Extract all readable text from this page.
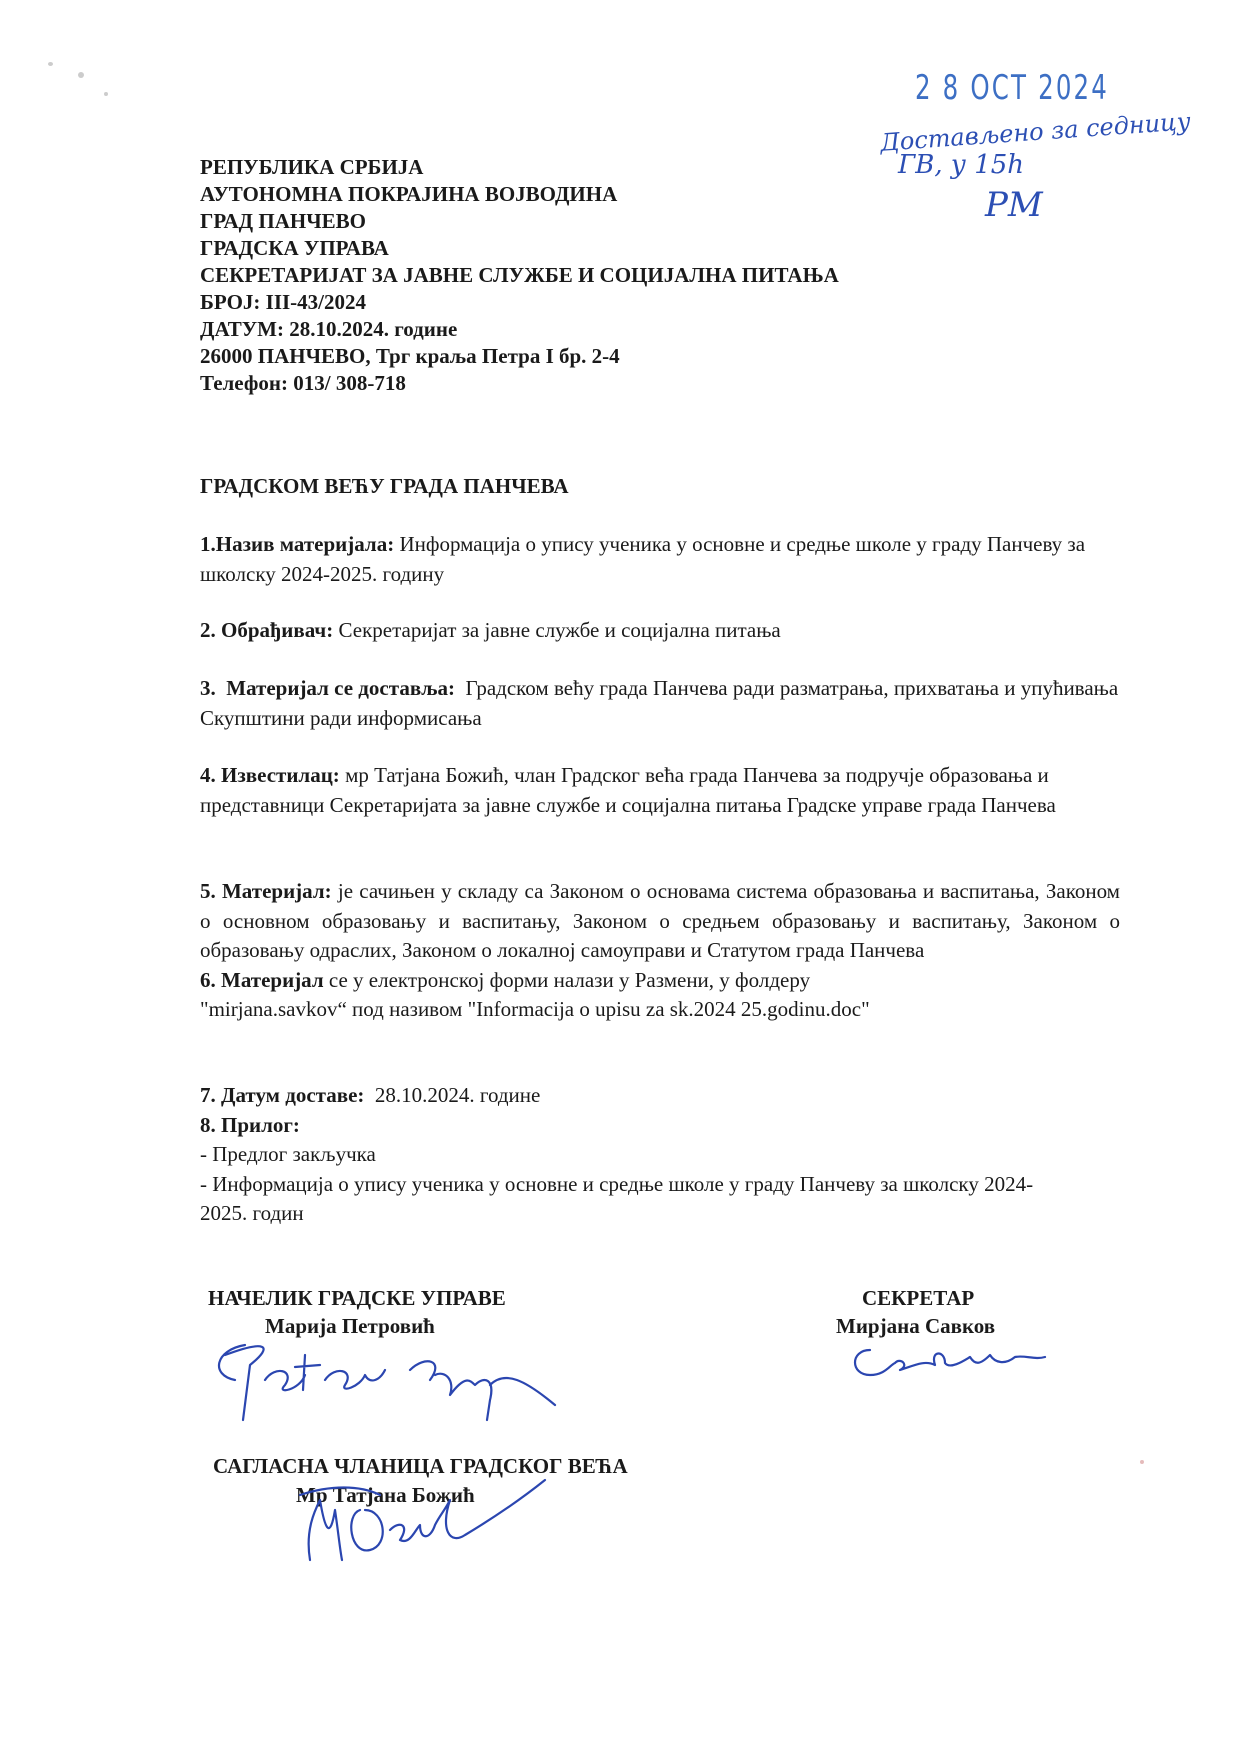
2 8 OCT 2024
Достављено за седницу
ГВ, у 15h
РМ
РЕПУБЛИКА СРБИЈА
АУТОНОМНА ПОКРАЈИНА ВОЈВОДИНА
ГРАД ПАНЧЕВО
ГРАДСКА УПРАВА
СЕКРЕТАРИЈАТ ЗА ЈАВНЕ СЛУЖБЕ И СОЦИЈАЛНА ПИТАЊА
БРОЈ: III-43/2024
ДАТУМ: 28.10.2024. године
26000 ПАНЧЕВО, Трг краља Петра I бр. 2-4
Телефон: 013/ 308-718
ГРАДСКОМ ВЕЋУ ГРАДА ПАНЧЕВА

1.Назив материјала: Информација о упису ученика у основне и средње школе у граду Панчеву за школску 2024-2025. годину

2. Обрађивач: Секретаријат за јавне службе и социјална питања

3.  Материјал се доставља:  Градском већу града Панчева ради разматрања, прихватања и упућивања Скупштини ради информисања

4. Известилац: мр Татјана Божић, члан Градског већа града Панчева за подручје образовања и представници Секретаријата за јавне службе и социјална питања Градске управе града Панчева

5. Материјал: је сачињен у складу са Законом о основама система образовања и васпитања, Законом о основном образовању и васпитању, Законом о средњем образовању и васпитању, Законом о образовању одраслих, Законом о локалној самоуправи и Статутом града Панчева

6. Материјал се у електронској форми налази у Размени, у фолдеру

"mirjana.savkov“ под називом "Informacija o upisu za sk.2024 25.godinu.doc"

7. Датум доставе:  28.10.2024. године

8. Прилог:

- Предлог закључка

- Информација о упису ученика у основне и средње школе у граду Панчеву за школску 2024-2025. годин

НАЧЕЛИК ГРАДСКЕ УПРАВЕ
Марија Петровић
СЕКРЕТАР
Мирјана Савков
САГЛАСНА ЧЛАНИЦА ГРАДСКОГ ВЕЋА
Мр Татјана Божић
